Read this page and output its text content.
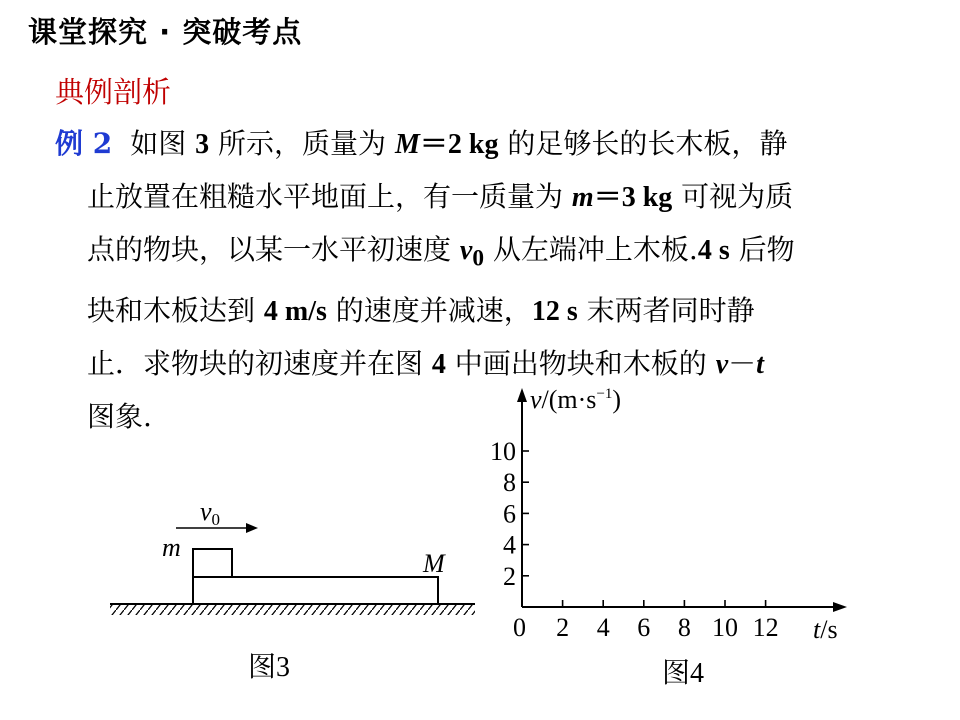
课堂探究 · 突破考点
典例剖析

例 2 如图 3 所示，质量为 M＝2 kg 的足够长的长木板，静

止放置在粗糙水平地面上，有一质量为 m＝3 kg 可视为质

点的物块，以某一水平初速度 $v_0$ 从左端冲上木板.4 s 后物

块和木板达到 4 m/s 的速度并减速，12 s 末两者同时静

止．求物块的初速度并在图 4 中画出物块和木板的 v－t

图象.

v0
m
M
图3
$v/(m\cdot s^{-1})$
t/s
0
2
4
6
8
10
2 4 6 8 10 12
图4
